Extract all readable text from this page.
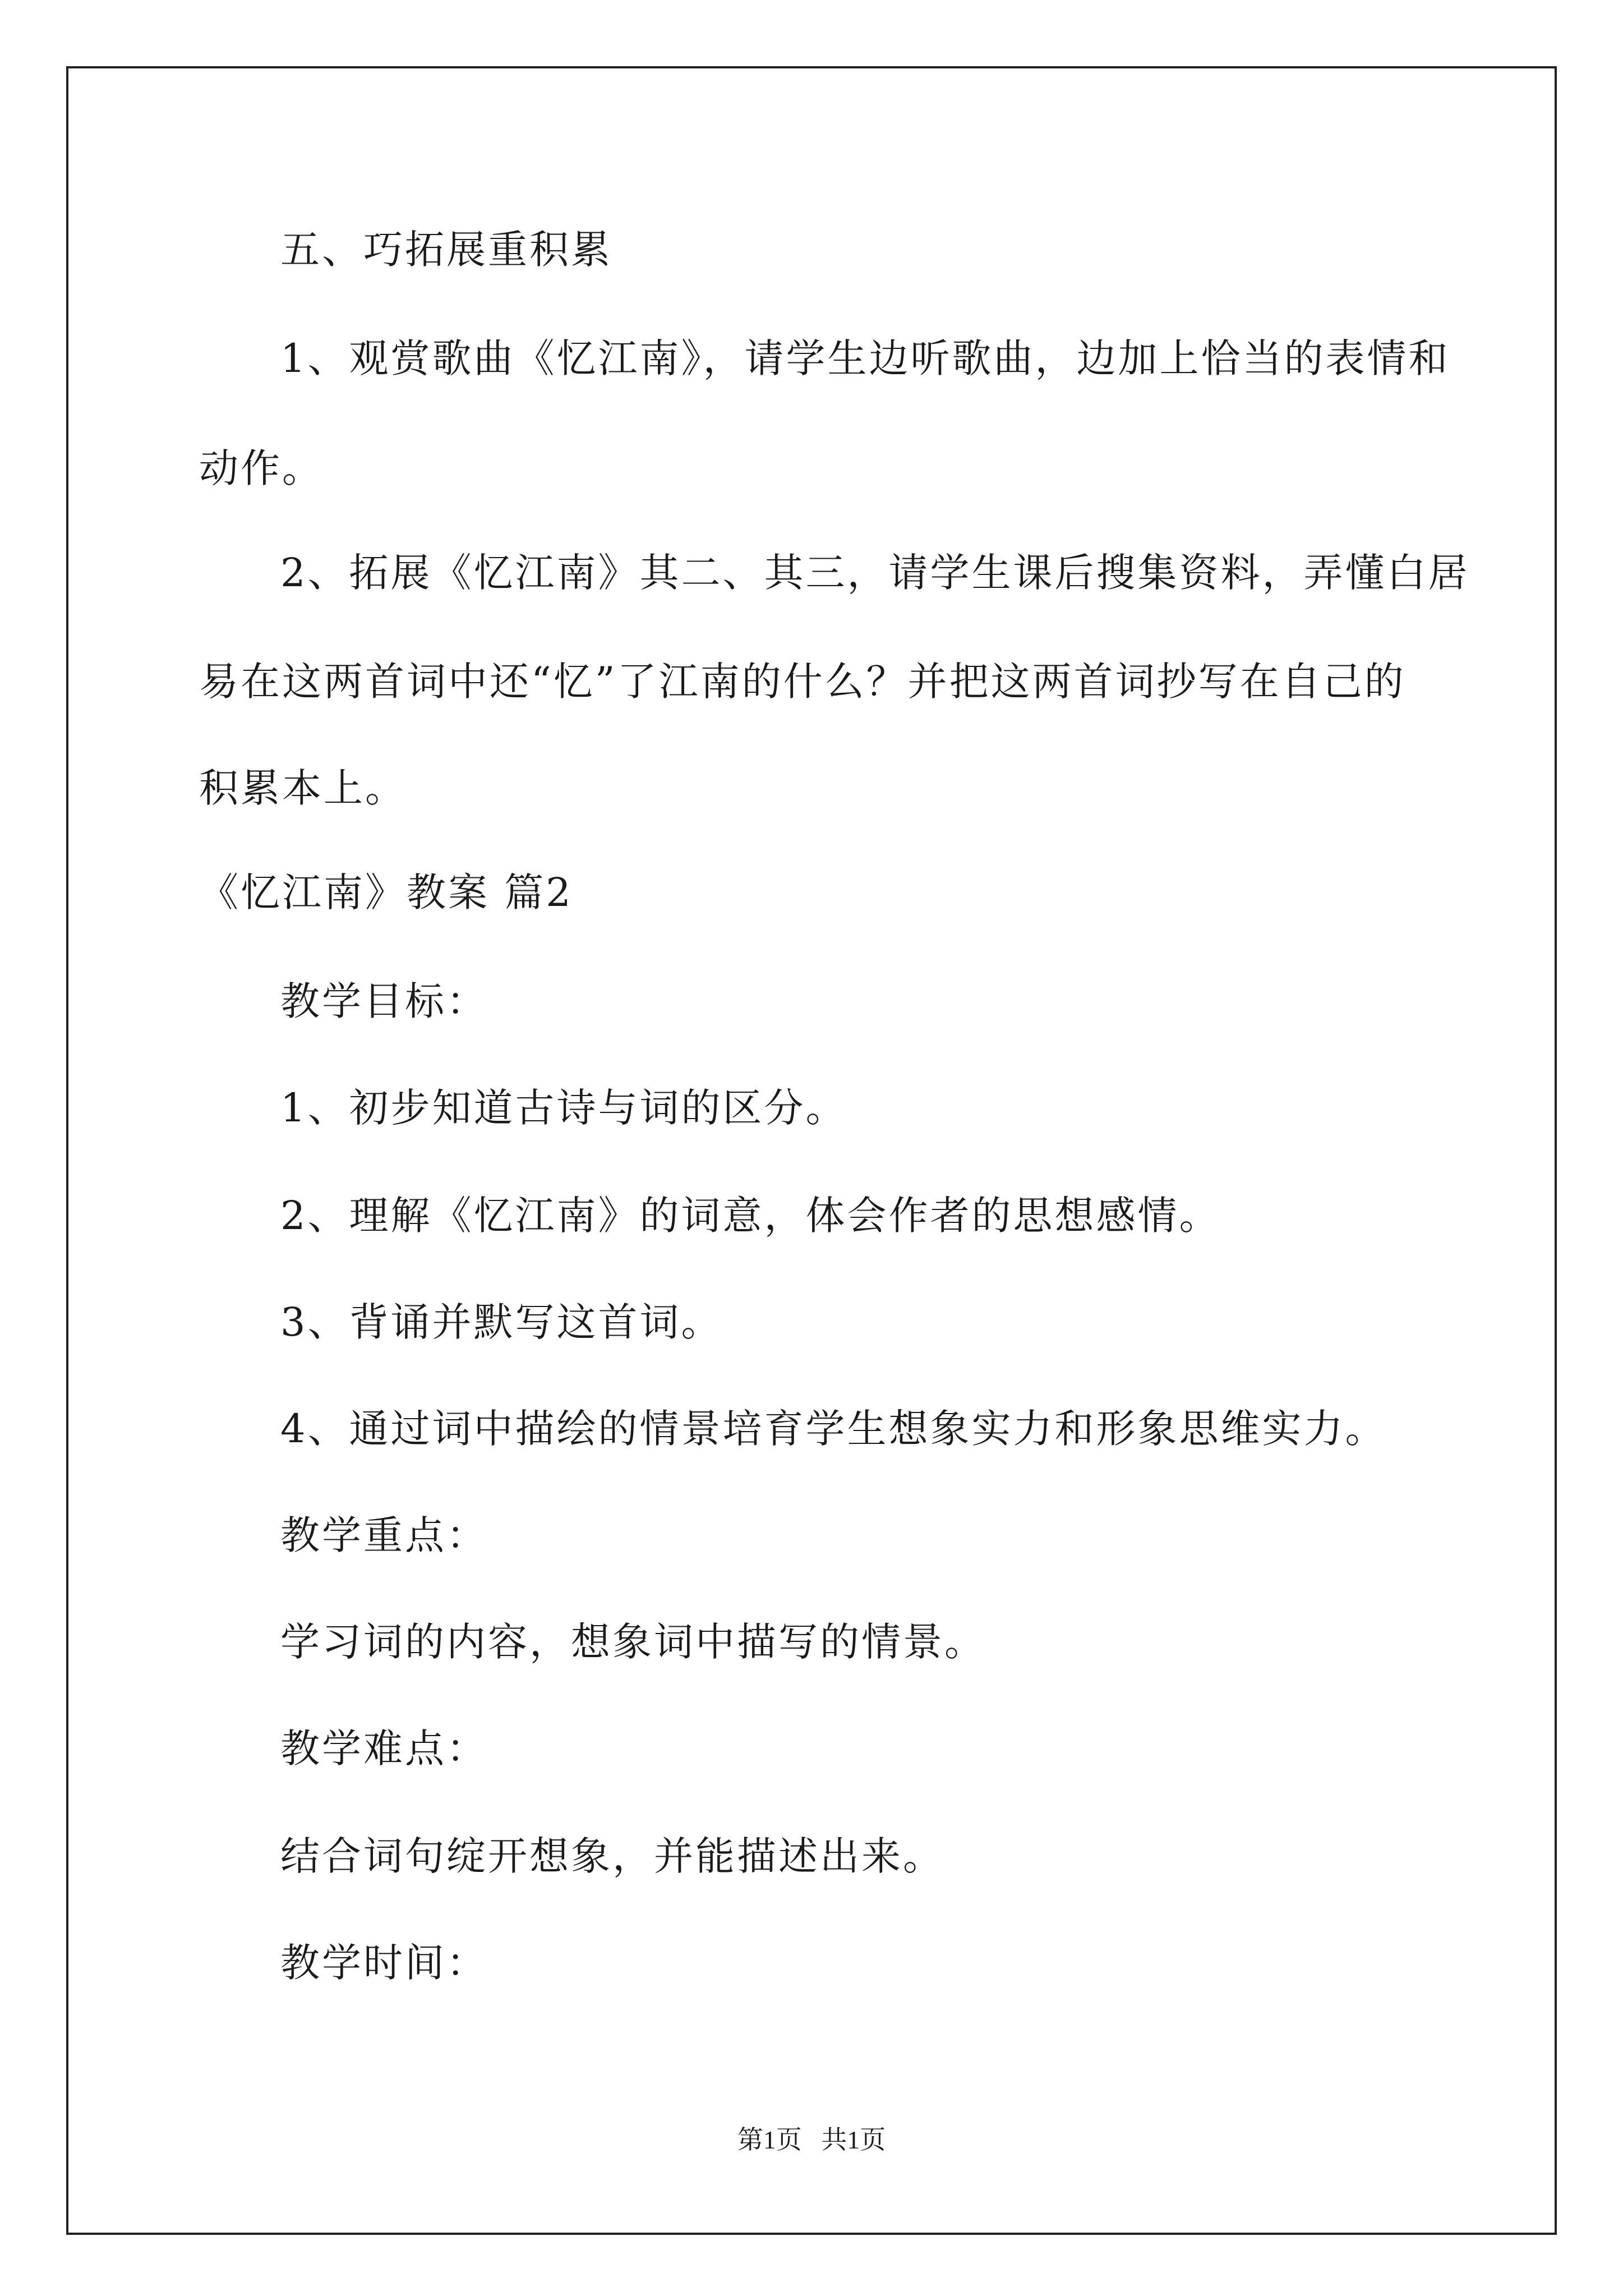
五、巧拓展重积累

1、观赏歌曲《忆江南》，请学生边听歌曲，边加上恰当的表情和

动作。

2、拓展《忆江南》其二、其三，请学生课后搜集资料，弄懂白居

易在这两首词中还“忆”了江南的什么？并把这两首词抄写在自己的

积累本上。

《忆江南》教案 篇2

教学目标：

1、初步知道古诗与词的区分。

2、理解《忆江南》的词意，体会作者的思想感情。

3、背诵并默写这首词。

4、通过词中描绘的情景培育学生想象实力和形象思维实力。

教学重点：

学习词的内容，想象词中描写的情景。

教学难点：

结合词句绽开想象，并能描述出来。

教学时间：

第1页 共1页
